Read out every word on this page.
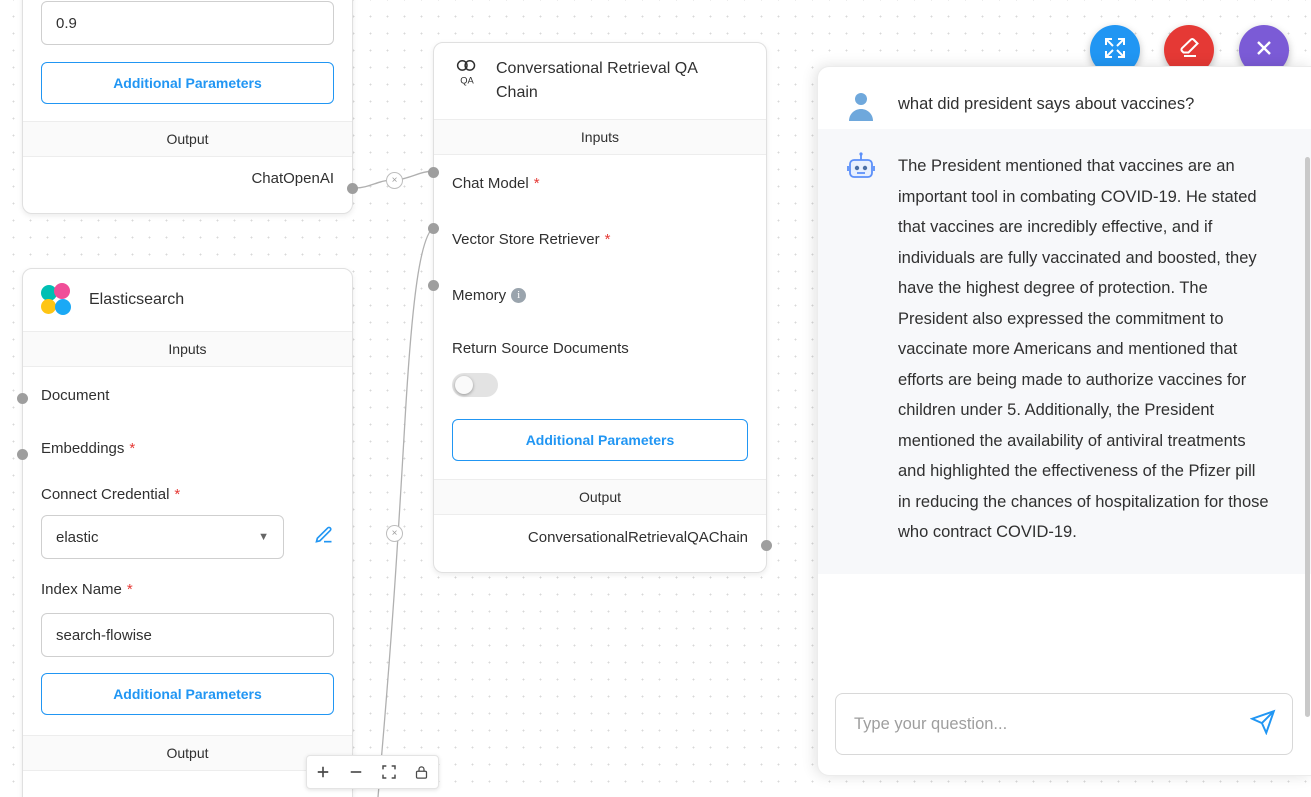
0.9
Additional Parameters
Output
ChatOpenAI
Elasticsearch
Inputs
Document
Embeddings *
Connect Credential *
elastic	▼
Index Name *
search-flowise
Additional Parameters
Output
QA
Conversational Retrieval QA Chain
Inputs
Chat Model *
Vector Store Retriever *
Memory i
Return Source Documents
Additional Parameters
Output
ConversationalRetrievalQAChain
×
×
what did president says about vaccines?
The President mentioned that vaccines are an important tool in combating COVID-19. He stated that vaccines are incredibly effective, and if individuals are fully vaccinated and boosted, they have the highest degree of protection. The President also expressed the commitment to vaccinate more Americans and mentioned that efforts are being made to authorize vaccines for children under 5. Additionally, the President mentioned the availability of antiviral treatments and highlighted the effectiveness of the Pfizer pill in reducing the chances of hospitalization for those who contract COVID-19.
Type your question...
